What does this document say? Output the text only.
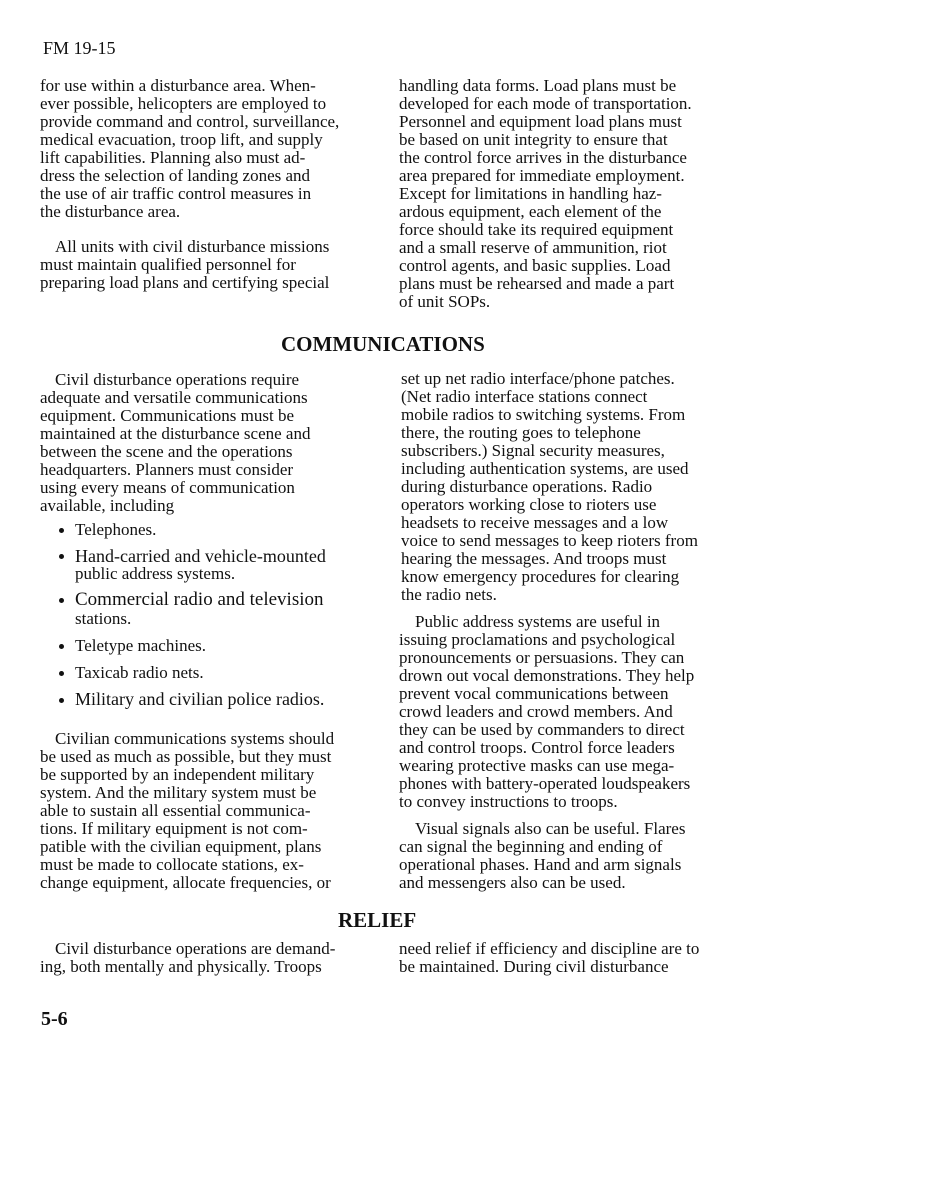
FM 19-15
for use within a disturbance area. When-
ever possible, helicopters are employed to
provide command and control, surveillance,
medical evacuation, troop lift, and supply
lift capabilities. Planning also must ad-
dress the selection of landing zones and
the use of air traffic control measures in
the disturbance area.
All units with civil disturbance missions
must maintain qualified personnel for
preparing load plans and certifying special
handling data forms. Load plans must be
developed for each mode of transportation.
Personnel and equipment load plans must
be based on unit integrity to ensure that
the control force arrives in the disturbance
area prepared for immediate employment.
Except for limitations in handling haz-
ardous equipment, each element of the
force should take its required equipment
and a small reserve of ammunition, riot
control agents, and basic supplies. Load
plans must be rehearsed and made a part
of unit SOPs.
COMMUNICATIONS
Civil disturbance operations require
adequate and versatile communications
equipment. Communications must be
maintained at the disturbance scene and
between the scene and the operations
headquarters. Planners must consider
using every means of communication
available, including
Telephones.
Hand-carried and vehicle-mounted
public address systems.
Commercial radio and television
stations.
Teletype machines.
Taxicab radio nets.
Military and civilian police radios.
Civilian communications systems should
be used as much as possible, but they must
be supported by an independent military
system. And the military system must be
able to sustain all essential communica-
tions. If military equipment is not com-
patible with the civilian equipment, plans
must be made to collocate stations, ex-
change equipment, allocate frequencies, or
set up net radio interface/phone patches.
(Net radio interface stations connect
mobile radios to switching systems. From
there, the routing goes to telephone
subscribers.) Signal security measures,
including authentication systems, are used
during disturbance operations. Radio
operators working close to rioters use
headsets to receive messages and a low
voice to send messages to keep rioters from
hearing the messages. And troops must
know emergency procedures for clearing
the radio nets.
Public address systems are useful in
issuing proclamations and psychological
pronouncements or persuasions. They can
drown out vocal demonstrations. They help
prevent vocal communications between
crowd leaders and crowd members. And
they can be used by commanders to direct
and control troops. Control force leaders
wearing protective masks can use mega-
phones with battery-operated loudspeakers
to convey instructions to troops.
Visual signals also can be useful. Flares
can signal the beginning and ending of
operational phases. Hand and arm signals
and messengers also can be used.
RELIEF
Civil disturbance operations are demand-
ing, both mentally and physically. Troops
need relief if efficiency and discipline are to
be maintained. During civil disturbance
5-6
